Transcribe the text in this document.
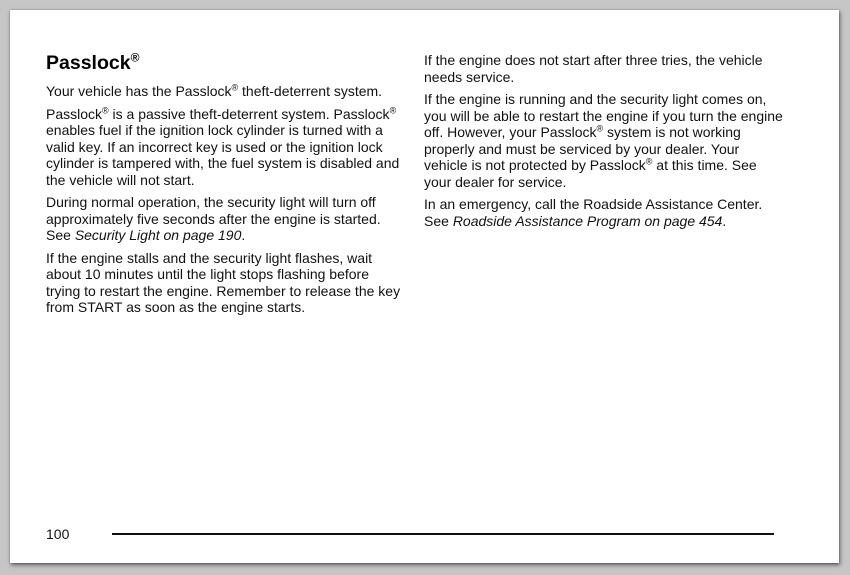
Passlock®

Your vehicle has the Passlock® theft-deterrent system.

Passlock® is a passive theft-deterrent system. Passlock® enables fuel if the ignition lock cylinder is turned with a valid key. If an incorrect key is used or the ignition lock cylinder is tampered with, the fuel system is disabled and the vehicle will not start.

During normal operation, the security light will turn off approximately five seconds after the engine is started. See Security Light on page 190.

If the engine stalls and the security light flashes, wait about 10 minutes until the light stops flashing before trying to restart the engine. Remember to release the key from START as soon as the engine starts.

If the engine does not start after three tries, the vehicle needs service.

If the engine is running and the security light comes on, you will be able to restart the engine if you turn the engine off. However, your Passlock® system is not working properly and must be serviced by your dealer. Your vehicle is not protected by Passlock® at this time. See your dealer for service.

In an emergency, call the Roadside Assistance Center. See Roadside Assistance Program on page 454.

100
